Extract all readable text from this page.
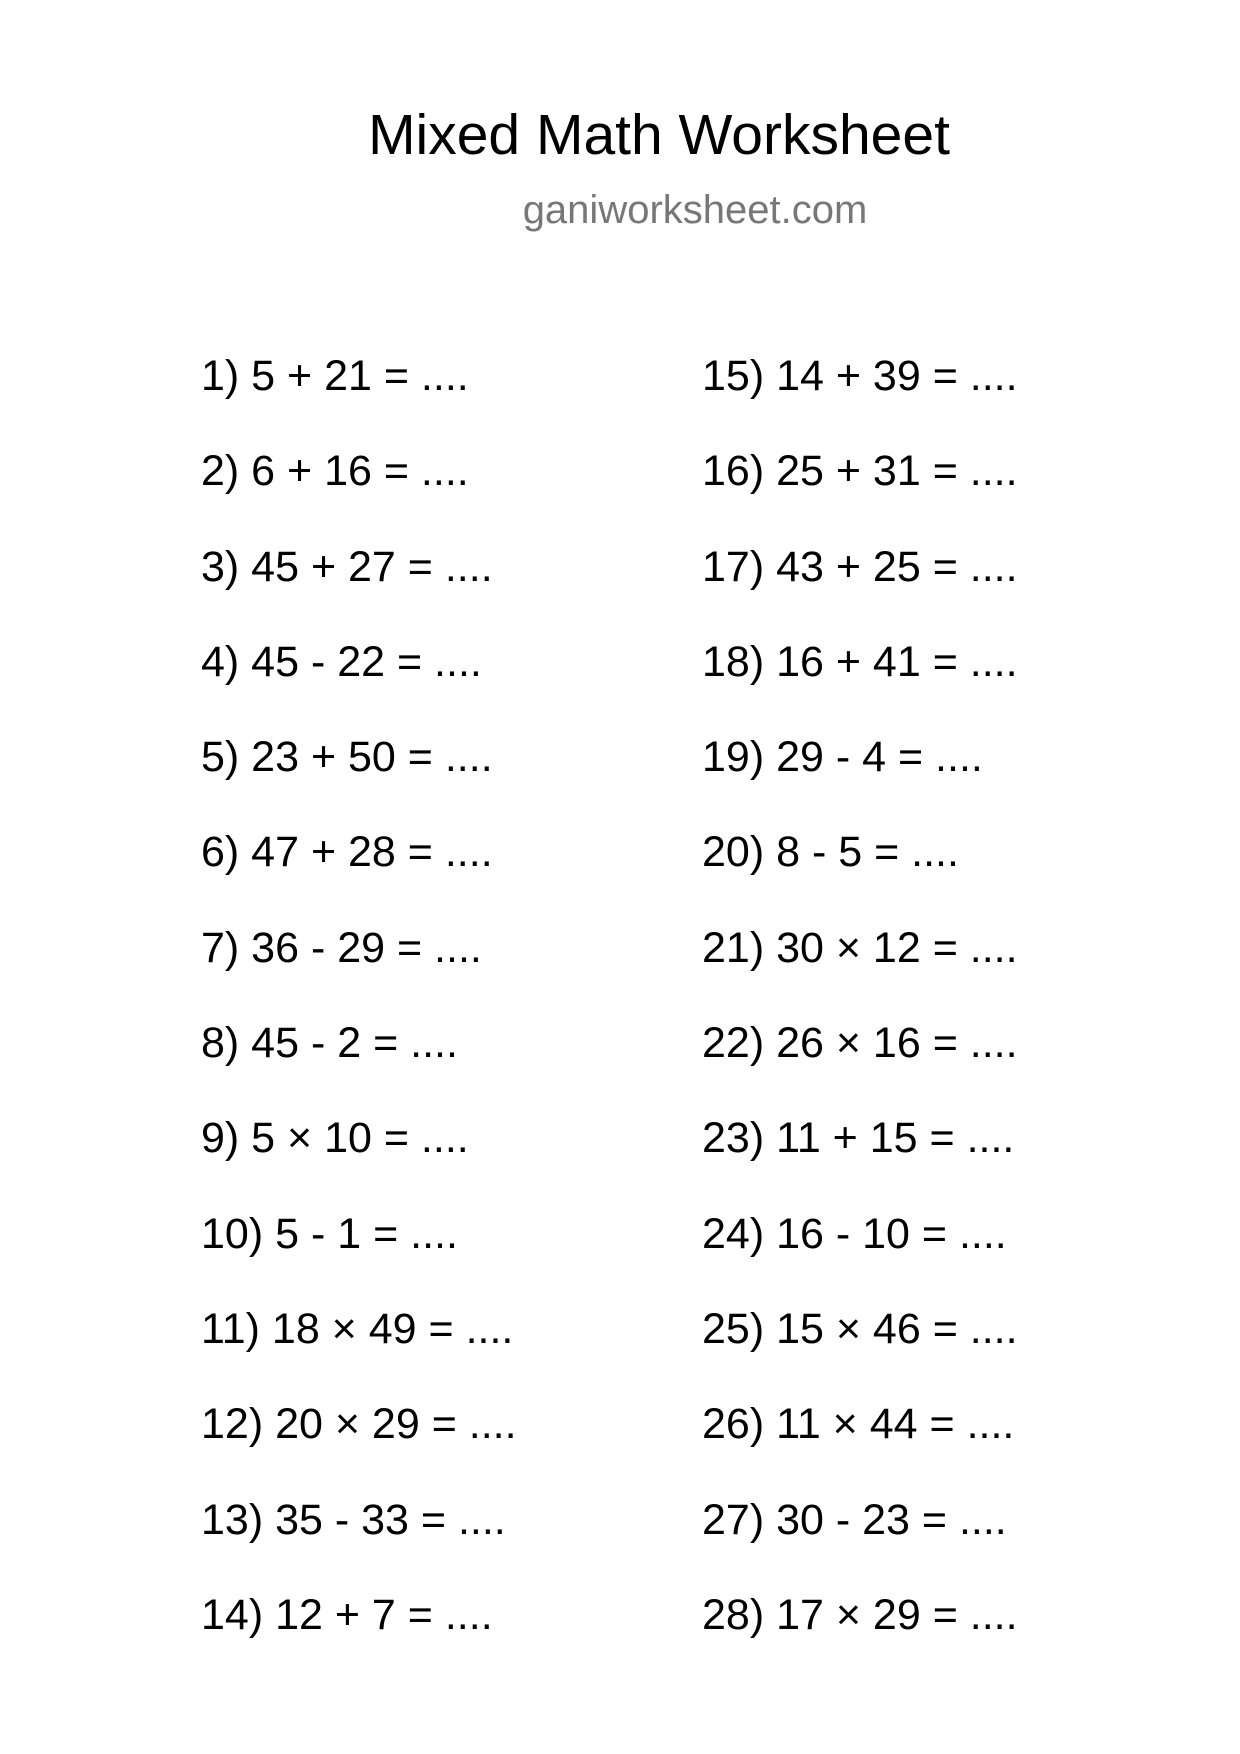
Mixed Math Worksheet
ganiworksheet.com
1) 5 + 21 = ....
2) 6 + 16 = ....
3) 45 + 27 = ....
4) 45 - 22 = ....
5) 23 + 50 = ....
6) 47 + 28 = ....
7) 36 - 29 = ....
8) 45 - 2 = ....
9) 5 × 10 = ....
10) 5 - 1 = ....
11) 18 × 49 = ....
12) 20 × 29 = ....
13) 35 - 33 = ....
14) 12 + 7 = ....
15) 14 + 39 = ....
16) 25 + 31 = ....
17) 43 + 25 = ....
18) 16 + 41 = ....
19) 29 - 4 = ....
20) 8 - 5 = ....
21) 30 × 12 = ....
22) 26 × 16 = ....
23) 11 + 15 = ....
24) 16 - 10 = ....
25) 15 × 46 = ....
26) 11 × 44 = ....
27) 30 - 23 = ....
28) 17 × 29 = ....
